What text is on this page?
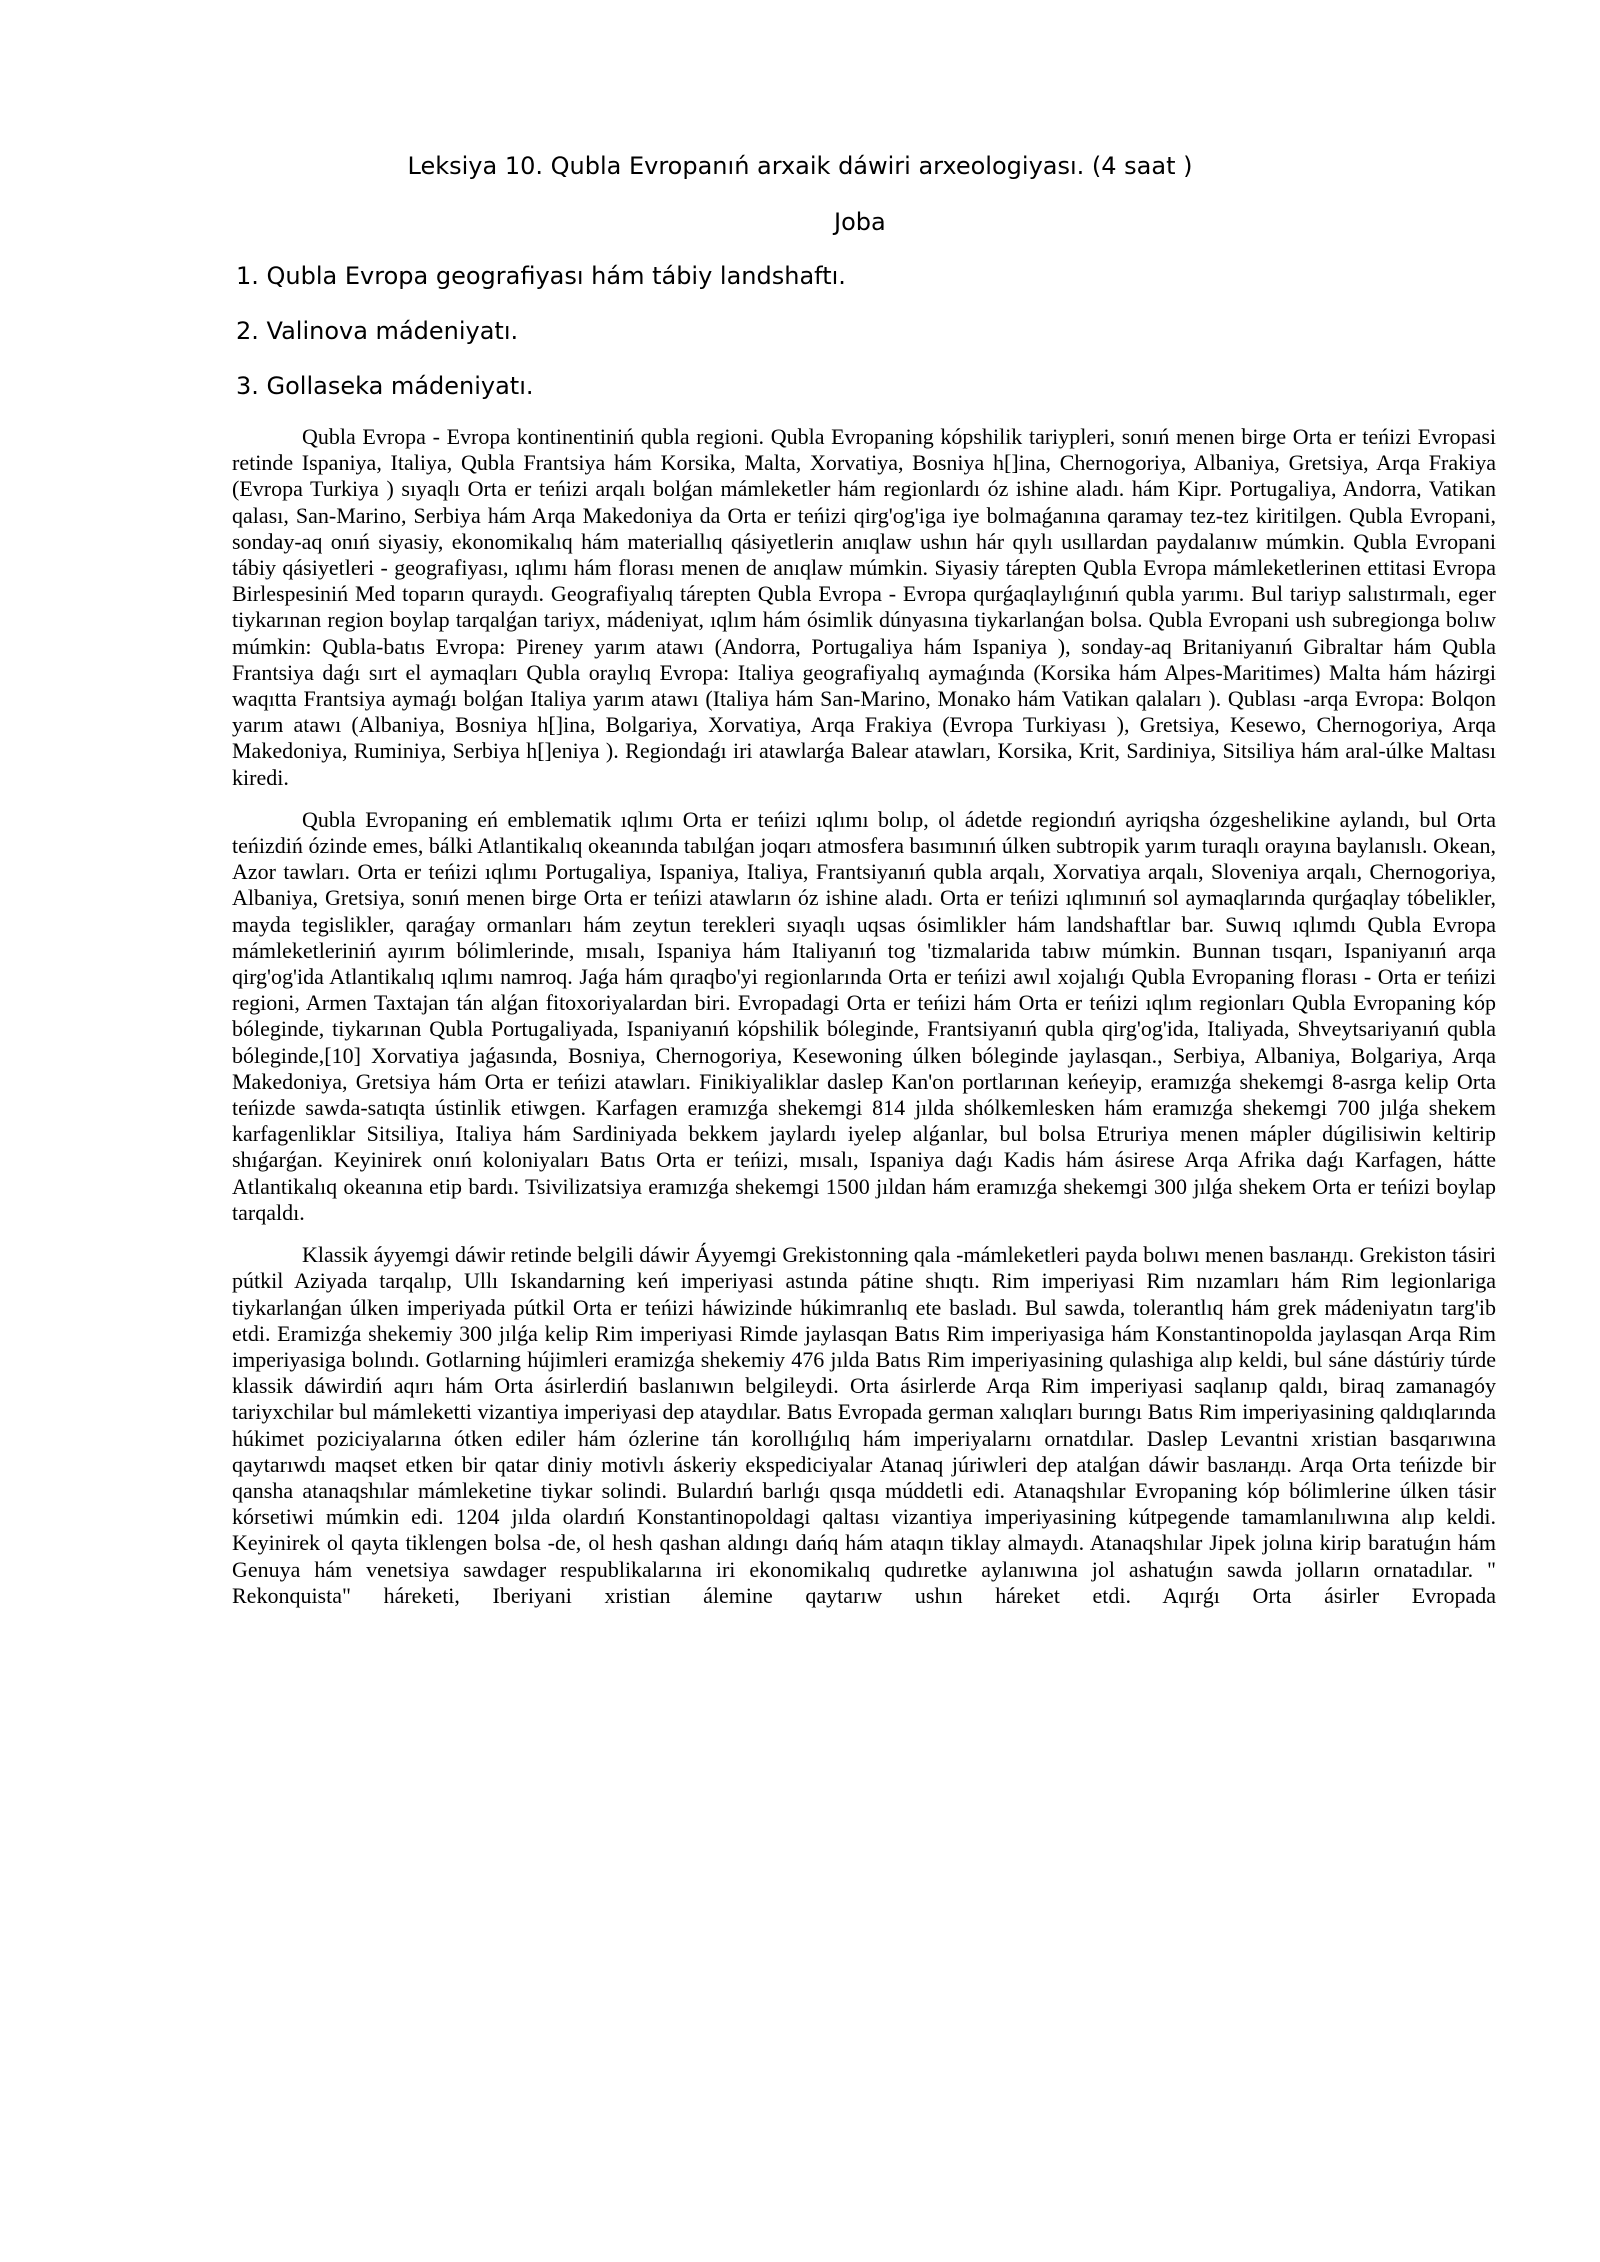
Leksiya 10. Qubla Evropanıń arxaik dáwiri arxeologiyası. (4 saat )
Joba
1. Qubla Evropa geografiyası hám tábiy landshaftı.
2. Valinova mádeniyatı.
3. Gollaseka mádeniyatı.

Qubla Evropa - Evropa kontinentiniń qubla regioni. Qubla Evropaning kópshilik tariypleri, sonıń menen birge Orta er teńizi Evropasi retinde Ispaniya, Italiya, Qubla Frantsiya hám Korsika, Malta, Xorvatiya, Bosniya h[]ina, Chernogoriya, Albaniya, Gretsiya, Arqa Frakiya (Evropa Turkiya ) sıyaqlı Orta er teńizi arqalı bolǵan mámleketler hám regionlardı óz ishine aladı. hám Kipr. Portugaliya, Andorra, Vatikan qalası, San-Marino, Serbiya hám Arqa Makedoniya da Orta er teńizi qirg'og'iga iye bolmaǵanına qaramay tez-tez kiritilgen. Qubla Evropani, sonday-aq onıń siyasiy, ekonomikalıq hám materiallıq qásiyetlerin anıqlaw ushın hár qıylı usıllardan paydalanıw múmkin. Qubla Evropani tábiy qásiyetleri - geografiyası, ıqlımı hám florası menen de anıqlaw múmkin. Siyasiy tárepten Qubla Evropa mámleketlerinen ettitasi Evropa Birlespesiniń Med toparın quraydı. Geografiyalıq tárepten Qubla Evropa - Evropa qurǵaqlaylıǵınıń qubla yarımı. Bul tariyp salıstırmalı, eger tiykarınan region boylap tarqalǵan tariyx, mádeniyat, ıqlım hám ósimlik dúnyasına tiykarlanǵan bolsa. Qubla Evropani ush subregionga bolıw múmkin: Qubla-batıs Evropa: Pireney yarım atawı (Andorra, Portugaliya hám Ispaniya ), sonday-aq Britaniyanıń Gibraltar hám Qubla Frantsiya daǵı sırt el aymaqları Qubla oraylıq Evropa: Italiya geografiyalıq aymaǵında (Korsika hám Alpes-Maritimes) Malta hám házirgi waqıtta Frantsiya aymaǵı bolǵan Italiya yarım atawı (Italiya hám San-Marino, Monako hám Vatikan qalaları ). Qublası -arqa Evropa: Bolqon yarım atawı (Albaniya, Bosniya h[]ina, Bolgariya, Xorvatiya, Arqa Frakiya (Evropa Turkiyası ), Gretsiya, Kesewo, Chernogoriya, Arqa Makedoniya, Ruminiya, Serbiya h[]eniya ). Regiondaǵı iri atawlarǵa Balear atawları, Korsika, Krit, Sardiniya, Sitsiliya hám aral-úlke Maltası kiredi.

Qubla Evropaning eń emblematik ıqlımı Orta er teńizi ıqlımı bolıp, ol ádetde regiondıń ayriqsha ózgeshelikine aylandı, bul Orta teńizdiń ózinde emes, bálki Atlantikalıq okeanında tabılǵan joqarı atmosfera basımınıń úlken subtropik yarım turaqlı orayına baylanıslı. Okean, Azor tawları. Orta er teńizi ıqlımı Portugaliya, Ispaniya, Italiya, Frantsiyanıń qubla arqalı, Xorvatiya arqalı, Sloveniya arqalı, Chernogoriya, Albaniya, Gretsiya, sonıń menen birge Orta er teńizi atawların óz ishine aladı. Orta er teńizi ıqlımınıń sol aymaqlarında qurǵaqlay tóbelikler, mayda tegislikler, qaraǵay ormanları hám zeytun terekleri sıyaqlı uqsas ósimlikler hám landshaftlar bar. Suwıq ıqlımdı Qubla Evropa mámleketleriniń ayırım bólimlerinde, mısalı, Ispaniya hám Italiyanıń tog 'tizmalarida tabıw múmkin. Bunnan tısqarı, Ispaniyanıń arqa qirg'og'ida Atlantikalıq ıqlımı namroq. Jaǵa hám qıraqbo'yi regionlarında Orta er teńizi awıl xojalıǵı Qubla Evropaning florası - Orta er teńizi regioni, Armen Taxtajan tán alǵan fitoxoriyalardan biri. Evropadagi Orta er teńizi hám Orta er teńizi ıqlım regionları Qubla Evropaning kóp bóleginde, tiykarınan Qubla Portugaliyada, Ispaniyanıń kópshilik bóleginde, Frantsiyanıń qubla qirg'og'ida, Italiyada, Shveytsariyanıń qubla bóleginde,[10] Xorvatiya jaǵasında, Bosniya, Chernogoriya, Kesewoning úlken bóleginde jaylasqan., Serbiya, Albaniya, Bolgariya, Arqa Makedoniya, Gretsiya hám Orta er teńizi atawları. Finikiyaliklar daslep Kan'on portlarınan keńeyip, eramızǵa shekemgi 8-asrga kelip Orta teńizde sawda-satıqta ústinlik etiwgen. Karfagen eramızǵa shekemgi 814 jılda shólkemlesken hám eramızǵa shekemgi 700 jılǵa shekem karfagenliklar Sitsiliya, Italiya hám Sardiniyada bekkem jaylardı iyelep alǵanlar, bul bolsa Etruriya menen mápler dúgilisiwin keltirip shıǵarǵan. Keyinirek onıń koloniyaları Batıs Orta er teńizi, mısalı, Ispaniya daǵı Kadis hám ásirese Arqa Afrika daǵı Karfagen, hátte Atlantikalıq okeanına etip bardı. Tsivilizatsiya eramızǵa shekemgi 1500 jıldan hám eramızǵa shekemgi 300 jılǵa shekem Orta er teńizi boylap tarqaldı.

Klassik áyyemgi dáwir retinde belgili dáwir Áyyemgi Grekistonning qala -mámleketleri payda bolıwı menen basландı. Grekiston tásiri pútkil Aziyada tarqalıp, Ullı Iskandarning keń imperiyasi astında pátine shıqtı. Rim imperiyasi Rim nızamları hám Rim legionlariga tiykarlanǵan úlken imperiyada pútkil Orta er teńizi háwizinde húkimranlıq ete basladı. Bul sawda, tolerantlıq hám grek mádeniyatın targ'ib etdi. Eramizǵa shekemiy 300 jılǵa kelip Rim imperiyasi Rimde jaylasqan Batıs Rim imperiyasiga hám Konstantinopolda jaylasqan Arqa Rim imperiyasiga bolındı. Gotlarning hújimleri eramizǵa shekemiy 476 jılda Batıs Rim imperiyasining qulashiga alıp keldi, bul sáne dástúriy túrde klassik dáwirdiń aqırı hám Orta ásirlerdiń baslanıwın belgileydi. Orta ásirlerde Arqa Rim imperiyasi saqlanıp qaldı, biraq zamanagóy tariyxchilar bul mámleketti vizantiya imperiyasi dep ataydılar. Batıs Evropada german xalıqları burıngı Batıs Rim imperiyasining qaldıqlarında húkimet poziciyalarına ótken ediler hám ózlerine tán korollıǵılıq hám imperiyalarnı ornatdılar. Daslep Levantni xristian basqarıwına qaytarıwdı maqset etken bir qatar diniy motivlı áskeriy ekspediciyalar Atanaq júriwleri dep atalǵan dáwir basландı. Arqa Orta teńizde bir qansha atanaqshılar mámleketine tiykar solindi. Bulardıń barlıǵı qısqa múddetli edi. Atanaqshılar Evropaning kóp bólimlerine úlken tásir kórsetiwi múmkin edi. 1204 jılda olardıń Konstantinopoldagi qaltası vizantiya imperiyasining kútpegende tamamlanılıwına alıp keldi. Keyinirek ol qayta tiklengen bolsa -de, ol hesh qashan aldıngı dańq hám ataqın tiklay almaydı. Atanaqshılar Jipek jolına kirip baratuǵın hám Genuya hám venetsiya sawdager respublikalarına iri ekonomikalıq qudıretke aylanıwına jol ashatuǵın sawda jolların ornatadılar. " Rekonquista" háreketi, Iberiyani xristian álemine qaytarıw ushın háreket etdi. Aqırǵı Orta ásirler Evropada
